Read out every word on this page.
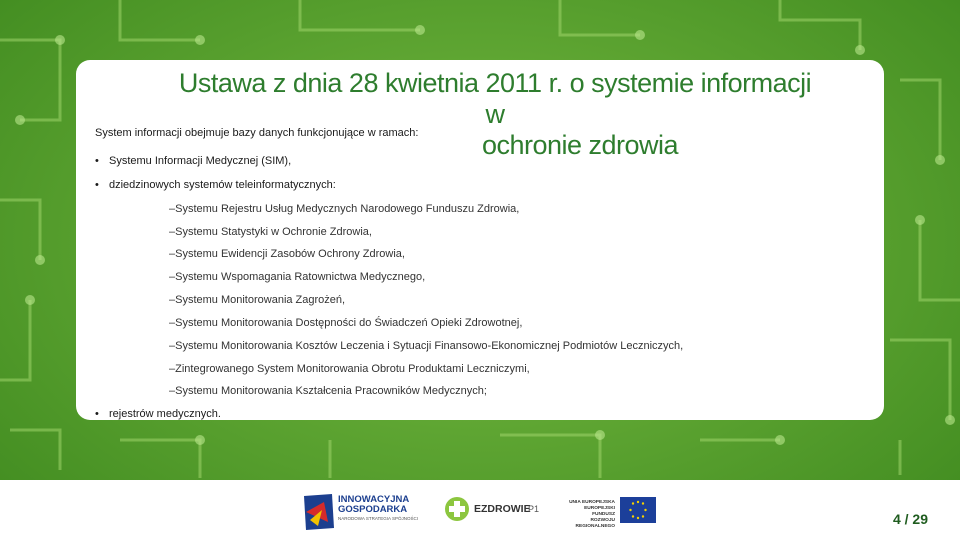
Ustawa z dnia 28 kwietnia 2011 r. o systemie informacji w
ochronie zdrowia
System informacji obejmuje bazy danych funkcjonujące w ramach:
• Systemu Informacji Medycznej (SIM),
• dziedzinowych systemów teleinformatycznych:
–Systemu Rejestru Usług Medycznych Narodowego Funduszu Zdrowia,
–Systemu Statystyki w Ochronie Zdrowia,
–Systemu Ewidencji Zasobów Ochrony Zdrowia,
–Systemu Wspomagania Ratownictwa Medycznego,
–Systemu Monitorowania Zagrożeń,
–Systemu Monitorowania Dostępności do Świadczeń Opieki Zdrowotnej,
–Systemu Monitorowania Kosztów Leczenia i Sytuacji Finansowo-Ekonomicznej Podmiotów Leczniczych,
–Zintegrowanego System Monitorowania Obrotu Produktami Leczniczymi,
–Systemu Monitorowania Kształcenia Pracowników Medycznych;
• rejestrów medycznych.
INNOWACYJNA
GOSPODARKA
NARODOWA STRATEGIA SPÓJNOŚCI
EZDROWIE
P1
UNIA EUROPEJSKA
EUROPEJSKI FUNDUSZ
ROZWOJU REGIONALNEGO	4 / 29
